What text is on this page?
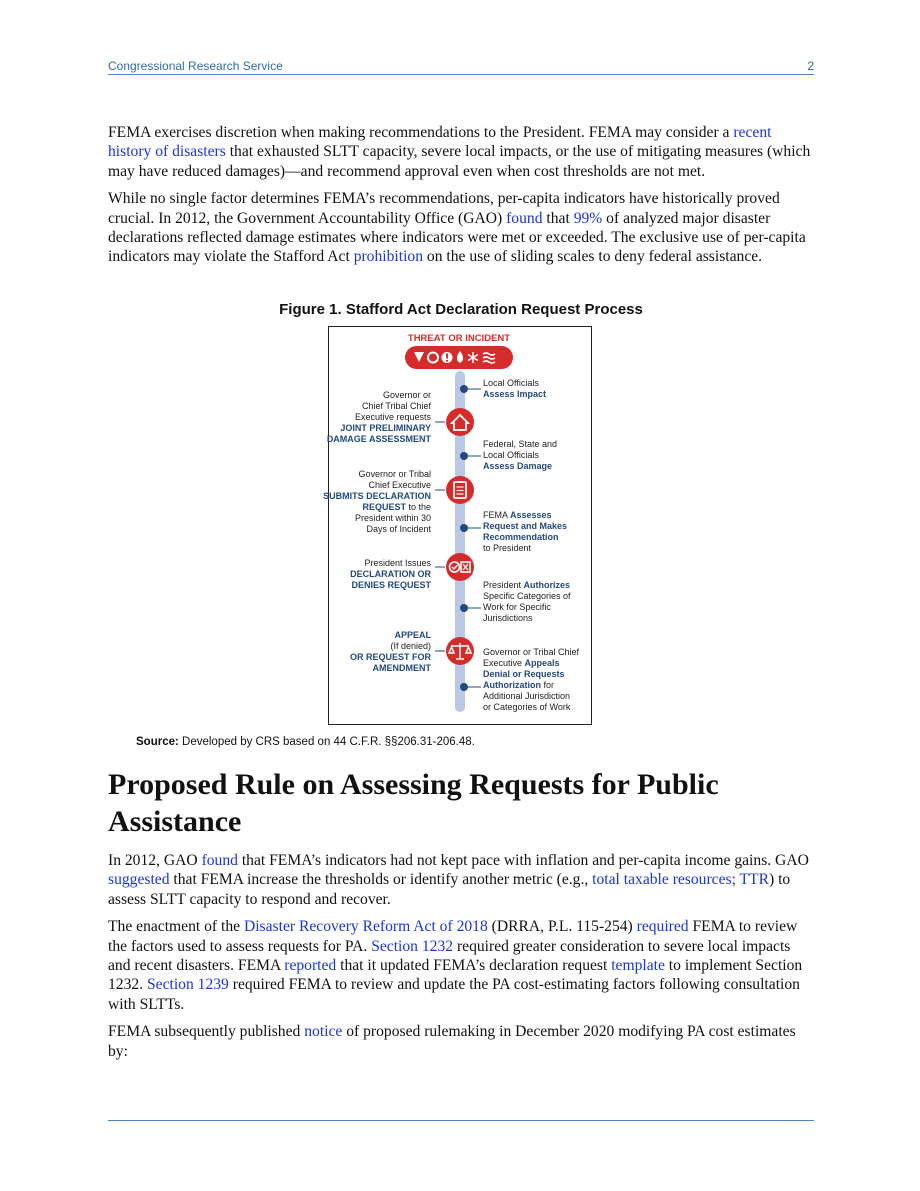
Congressional Research Service	2

FEMA exercises discretion when making recommendations to the President. FEMA may consider a recent history of disasters that exhausted SLTT capacity, severe local impacts, or the use of mitigating measures (which may have reduced damages)—and recommend approval even when cost thresholds are not met.

While no single factor determines FEMA’s recommendations, per-capita indicators have historically proved crucial. In 2012, the Government Accountability Office (GAO) found that 99% of analyzed major disaster declarations reflected damage estimates where indicators were met or exceeded. The exclusive use of per-capita indicators may violate the Stafford Act prohibition on the use of sliding scales to deny federal assistance.

Figure 1. Stafford Act Declaration Request Process
THREAT OR INCIDENT
Local Officials
Assess Impact
Federal, State and
Local Officials
Assess Damage
FEMA Assesses
Request and Makes
Recommendation
to President
President Authorizes
Specific Categories of
Work for Specific
Jurisdictions
Governor or Tribal Chief
Executive Appeals
Denial or Requests
Authorization for
Additional Jurisdiction
or Categories of Work
Governor or
Chief Tribal Chief
Executive requests
JOINT PRELIMINARY
DAMAGE ASSESSMENT
Governor or Tribal
Chief Executive
SUBMITS DECLARATION
REQUEST to the
President within 30
Days of Incident
President Issues
DECLARATION OR
DENIES REQUEST
APPEAL
(If denied)
OR REQUEST FOR
AMENDMENT
Source: Developed by CRS based on 44 C.F.R. §§206.31-206.48.
Proposed Rule on Assessing Requests for Public Assistance

In 2012, GAO found that FEMA’s indicators had not kept pace with inflation and per-capita income gains. GAO suggested that FEMA increase the thresholds or identify another metric (e.g., total taxable resources; TTR) to assess SLTT capacity to respond and recover.

The enactment of the Disaster Recovery Reform Act of 2018 (DRRA, P.L. 115-254) required FEMA to review the factors used to assess requests for PA. Section 1232 required greater consideration to severe local impacts and recent disasters. FEMA reported that it updated FEMA’s declaration request template to implement Section 1232. Section 1239 required FEMA to review and update the PA cost-estimating factors following consultation with SLTTs.

FEMA subsequently published notice of proposed rulemaking in December 2020 modifying PA cost estimates by:
